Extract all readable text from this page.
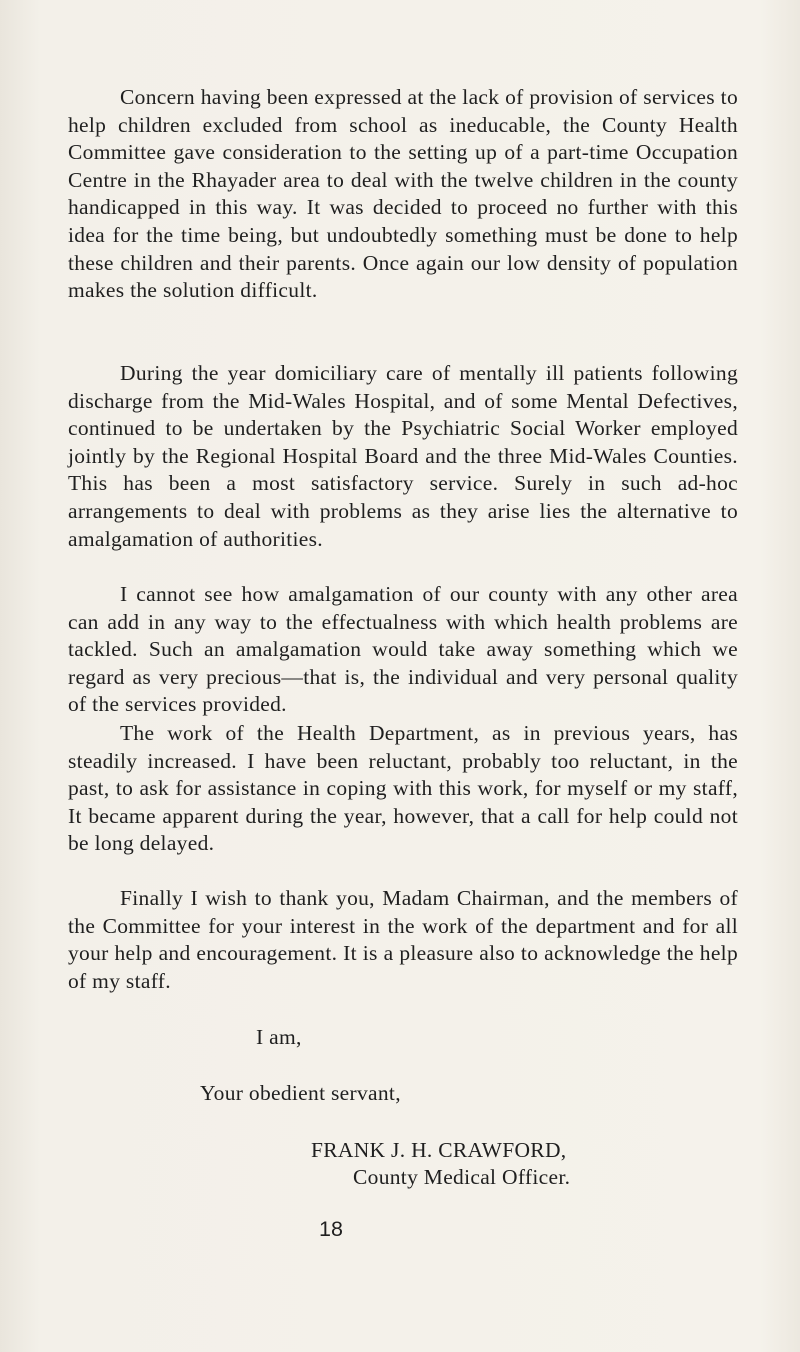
Concern having been expressed at the lack of provision of services to help children excluded from school as ineducable, the County Health Committee gave consideration to the setting up of a part-time Occupation Centre in the Rhayader area to deal with the twelve children in the county handicapped in this way. It was decided to proceed no further with this idea for the time being, but undoubtedly something must be done to help these children and their parents. Once again our low density of population makes the solution difficult.

During the year domiciliary care of mentally ill patients following discharge from the Mid-Wales Hospital, and of some Mental Defectives, continued to be undertaken by the Psychiatric Social Worker employed jointly by the Regional Hospital Board and the three Mid-Wales Counties. This has been a most satisfactory service. Surely in such ad-hoc arrangements to deal with problems as they arise lies the alternative to amalgamation of authorities.

I cannot see how amalgamation of our county with any other area can add in any way to the effectualness with which health problems are tackled. Such an amalgamation would take away something which we regard as very precious—that is, the individual and very personal quality of the services provided.

The work of the Health Department, as in previous years, has steadily increased. I have been reluctant, probably too reluctant, in the past, to ask for assistance in coping with this work, for myself or my staff, It became apparent during the year, however, that a call for help could not be long delayed.

Finally I wish to thank you, Madam Chairman, and the members of the Committee for your interest in the work of the department and for all your help and encouragement. It is a pleasure also to acknowledge the help of my staff.

I am,
Your obedient servant,
FRANK J. H. CRAWFORD,
County Medical Officer.
18
